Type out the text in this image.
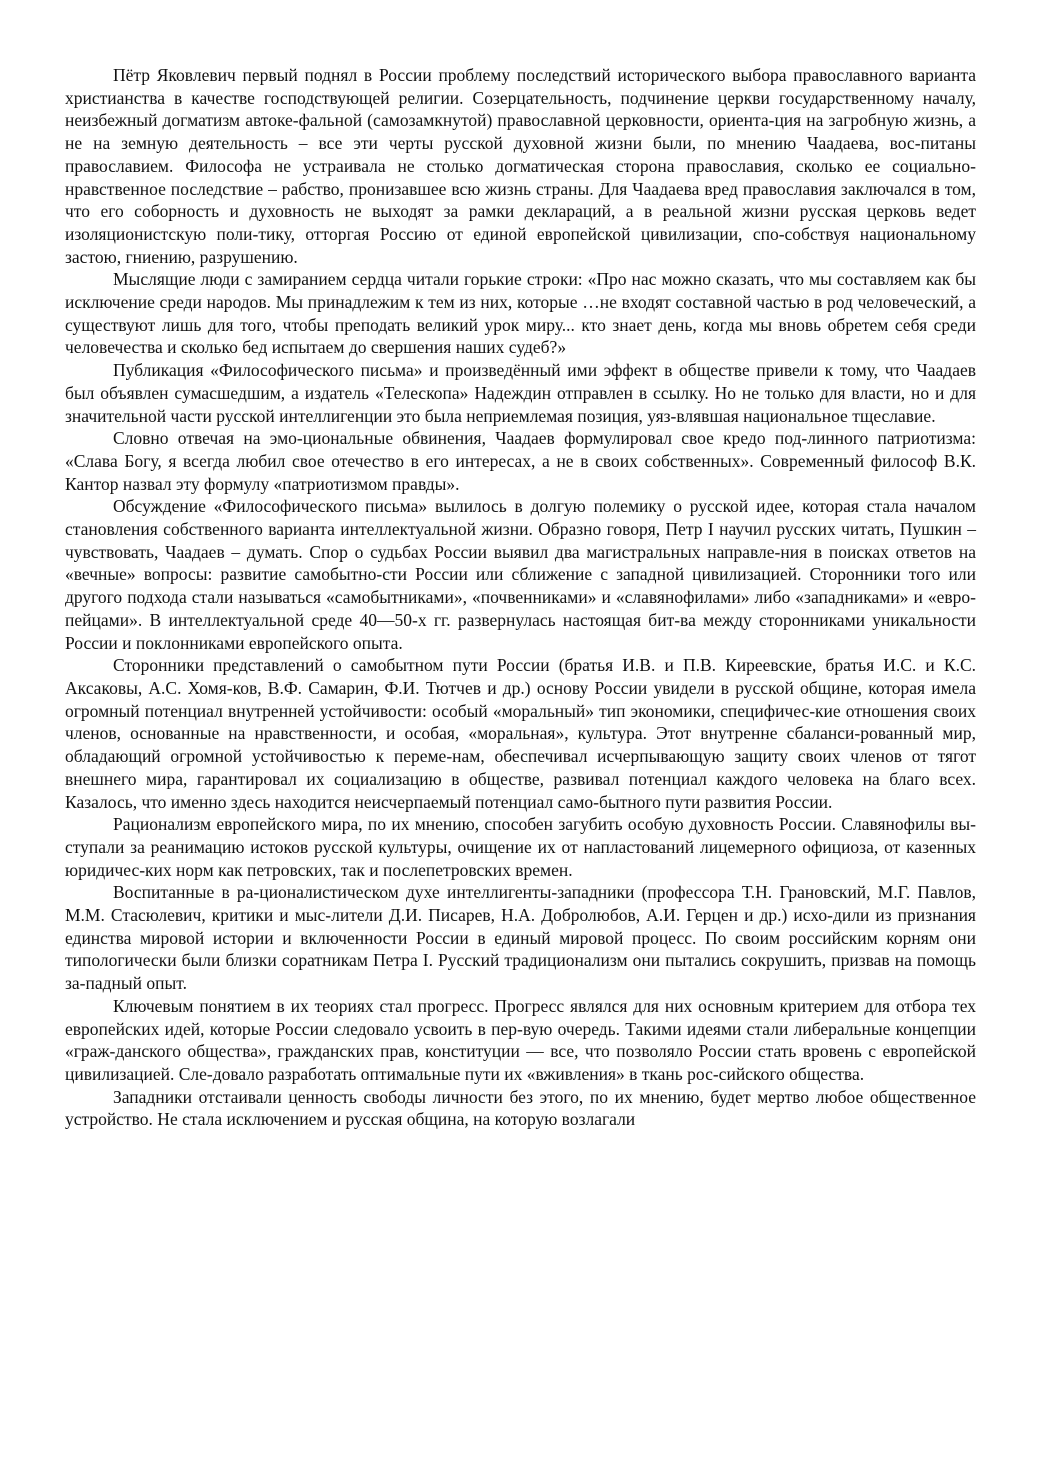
Пётр Яковлевич первый поднял в России проблему последствий исторического выбора православного варианта христианства в качестве господствующей религии. Созерцательность, подчинение церкви государственному началу, неизбежный догматизм автоке-фальной (самозамкнутой) православной церковности, ориента-ция на загробную жизнь, а не на земную деятельность – все эти черты русской духовной жизни были, по мнению Чаадаева, вос-питаны православием. Философа не устраивала не столько догматическая сторона православия, сколько ее социально-нравственное последствие – рабство, пронизавшее всю жизнь страны. Для Чаадаева вред православия заключался в том, что его соборность и духовность не выходят за рамки деклараций, а в реальной жизни русская церковь ведет изоляционистскую поли-тику, отторгая Россию от единой европейской цивилизации, спо-собствуя национальному застою, гниению, разрушению.

Мыслящие люди с замиранием сердца читали горькие строки: «Про нас можно сказать, что мы составляем как бы исключение среди народов. Мы принадлежим к тем из них, которые …не входят составной частью в род человеческий, а существуют лишь для того, чтобы преподать великий урок миру... кто знает день, когда мы вновь обретем себя среди человечества и сколько бед испытаем до свершения наших судеб?»

Публикация «Философического письма» и произведённый ими эффект в обществе привели к тому, что Чаадаев был объявлен сумасшедшим, а издатель «Телескопа» Надеждин отправлен в ссылку. Но не только для власти, но и для значительной части русской интеллигенции это была неприемлемая позиция, уяз-влявшая национальное тщеславие.

Словно отвечая на эмо-циональные обвинения, Чаадаев формулировал свое кредо под-линного патриотизма: «Слава Богу, я всегда любил свое отечество в его интересах, а не в своих собственных». Современный философ В.К. Кантор назвал эту формулу «патриотизмом правды».

Обсуждение «Философического письма» вылилось в долгую полемику о русской идее, которая стала началом становления собственного варианта интеллектуальной жизни. Образно говоря, Петр I научил русских читать, Пушкин – чувствовать, Чаадаев – думать. Спор о судьбах России выявил два магистральных направле-ния в поисках ответов на «вечные» вопросы: развитие самобытно-сти России или сближение с западной цивилизацией. Сторонники того или другого подхода стали называться «самобытниками», «почвенниками» и «славянофилами» либо «западниками» и «евро-пейцами». В интеллектуальной среде 40—50-х гг. развернулась настоящая бит-ва между сторонниками уникальности России и поклонниками европейского опыта.

Сторонники представлений о самобытном пути России (братья И.В. и П.В. Киреевские, братья И.С. и К.С. Аксаковы, А.С. Хомя-ков, В.Ф. Самарин, Ф.И. Тютчев и др.) основу России увидели в русской общине, которая имела огромный потенциал внутренней устойчивости: особый «моральный» тип экономики, специфичес-кие отношения своих членов, основанные на нравственности, и особая, «моральная», культура. Этот внутренне сбаланси-рованный мир, обладающий огромной устойчивостью к переме-нам, обеспечивал исчерпывающую защиту своих членов от тягот внешнего мира, гарантировал их социализацию в обществе, развивал потенциал каждого человека на благо всех. Казалось, что именно здесь находится неисчерпаемый потенциал само-бытного пути развития России.

Рационализм европейского мира, по их мнению, способен загубить особую духовность России. Славянофилы вы-ступали за реанимацию истоков русской культуры, очищение их от напластований лицемерного официоза, от казенных юридичес-ких норм как петровских, так и послепетровских времен.

Воспитанные в ра-ционалистическом духе интеллигенты-западники (профессора Т.Н. Грановский, М.Г. Павлов, М.М. Стасюлевич, критики и мыс-лители Д.И. Писарев, Н.А. Добролюбов, А.И. Герцен и др.) исхо-дили из признания единства мировой истории и включенности России в единый мировой процесс. По своим российским корням они типологически были близки соратникам Петра I. Русский традиционализм они пытались сокрушить, призвав на помощь за-падный опыт.

Ключевым понятием в их теориях стал прогресс. Прогресс являлся для них основным критерием для отбора тех европейских идей, которые России следовало усвоить в пер-вую очередь. Такими идеями стали либеральные концепции «граж-данского общества», гражданских прав, конституции — все, что позволяло России стать вровень с европейской цивилизацией. Сле-довало разработать оптимальные пути их «вживления» в ткань рос-сийского общества.

Западники отстаивали ценность свободы личности без этого, по их мнению, будет мертво любое общественное устройство. Не стала исключением и русская община, на которую возлагали
